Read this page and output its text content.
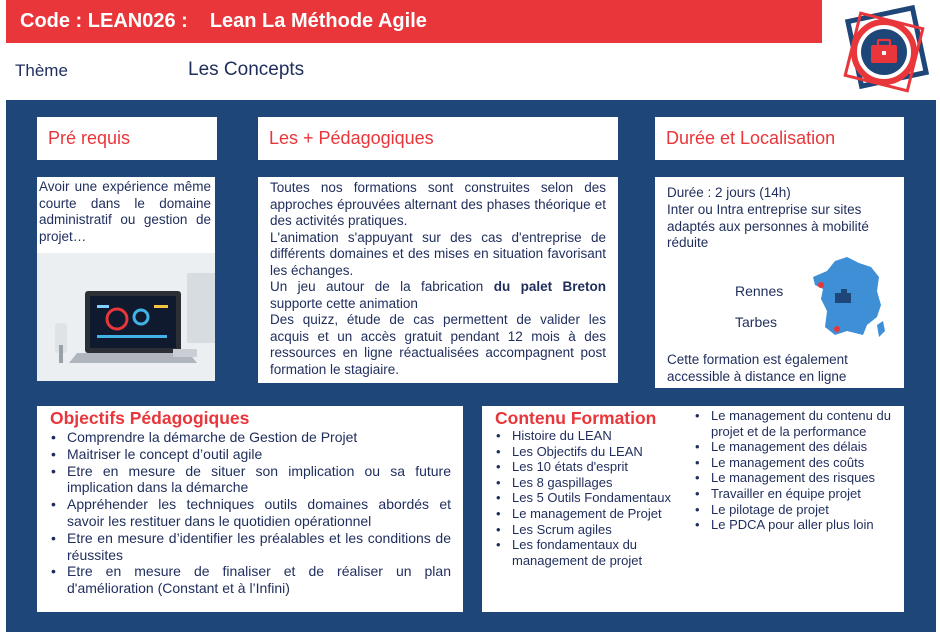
Code : LEAN026 : Lean La Méthode Agile
Thème	Les Concepts
Pré requis
Avoir une expérience même courte dans le domaine administratif ou gestion de projet…
Les + Pédagogiques
Toutes nos formations sont construites selon des approches éprouvées alternant des phases théorique et des activités pratiques.
L'animation s'appuyant sur des cas d'entreprise de différents domaines et des mises en situation favorisant les échanges.
Un jeu autour de la fabrication du palet Breton supporte cette animation
Des quizz, étude de cas permettent de valider les acquis et un accès gratuit pendant 12 mois à des ressources en ligne réactualisées accompagnent post formation le stagiaire.
Durée et Localisation
Durée : 2 jours (14h)
Inter ou Intra entreprise sur sites adaptés aux personnes à mobilité réduite
Rennes
Tarbes
Cette formation est également accessible à distance en ligne
Objectifs Pédagogiques
• Comprendre la démarche de Gestion de Projet
• Maitriser le concept d’outil agile
• Etre en mesure de situer son implication ou sa future implication dans la démarche
• Appréhender les techniques outils domaines abordés et savoir les restituer dans le quotidien opérationnel
• Etre en mesure d’identifier les préalables et les conditions de réussites
• Etre en mesure de finaliser et de réaliser un plan d'amélioration (Constant et à l’Infini)
Contenu Formation
• Histoire du LEAN
• Les Objectifs du LEAN
• Les 10 états d'esprit
• Les 8 gaspillages
• Les 5 Outils Fondamentaux
• Le management de Projet
• Les Scrum agiles
• Les fondamentaux du management de projet
• Le management du contenu du projet et de la performance
• Le management des délais
• Le management des coûts
• Le management des risques
• Travailler en équipe projet
• Le pilotage de projet
• Le PDCA pour aller plus loin
